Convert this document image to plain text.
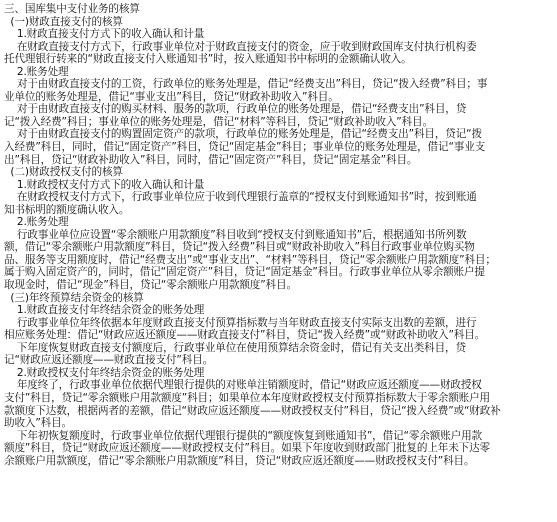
三、国库集中支付业务的核算
(一)财政直接支付的核算
1.财政直接支付方式下的收入确认和计量
在财政直接支付方式下，行政事业单位对于财政直接支付的资金，应于收到财政国库支付执行机构委
托代理银行转来的“财政直接支付入账通知书”时，按入账通知书中标明的金额确认收入。
2.账务处理
对于由财政直接支付的工资，行政单位的账务处理是，借记“经费支出”科目，贷记“拨入经费”科目；事
业单位的账务处理是，借记“事业支出”科目，贷记“财政补助收入”科目。
对于由财政直接支付的购买材料、服务的款项，行政单位的账务处理是，借记“经费支出”科目，贷
记“拨入经费”科目；事业单位的账务处理是，借记“材料”等科目，贷记“财政补助收入”科目。
对于由财政直接支付的购置固定资产的款项，行政单位的账务处理是，借记“经费支出”科目，贷记“拨
入经费”科目，同时，借记“固定资产”科目，贷记“固定基金”科目；事业单位的账务处理是，借记“事业支
出”科目，贷记“财政补助收入”科目，同时，借记“固定资产”科目，贷记“固定基金”科目。
(二)财政授权支付的核算
1.财政授权支付方式下的收入确认和计量
在财政授权支付方式下，行政事业单位应于收到代理银行盖章的“授权支付到账通知书”时，按到账通
知书标明的额度确认收入。
2.账务处理
行政事业单位应设置“零余额账户用款额度”科目收到“授权支付到账通知书”后，根据通知书所列数
额，借记“零余额账户用款额度”科目，贷记“拨入经费”科目或“财政补助收入”科目行政事业单位购买物
品、服务等支用额度时，借记“经费支出”或“事业支出”、“材料”等科目，贷记“零余额账户用款额度”科目；
属于购入固定资产的，同时，借记“固定资产”科目，贷记“固定基金”科目。行政事业单位从零余额账户提
取现金时，借记“现金”科目，贷记“零余额账户用款额度”科目。
(三)年终预算结余资金的核算
1.财政直接支付年终结余资金的账务处理
行政事业单位年终依据本年度财政直接支付预算指标数与当年财政直接支付实际支出数的差额，进行
相应账务处理：借记“财政应返还额度——财政直接支付”科目，贷记“拨入经费”或“财政补助收入”科目。
下年度恢复财政直接支付额度后，行政事业单位在使用预算结余资金时，借记有关支出类科目，贷
记“财政应返还额度——财政直接支付”科目。
2.财政授权支付年终结余资金的账务处理
年度终了，行政事业单位依据代理银行提供的对账单注销额度时，借记“财政应返还额度——财政授权
支付”科目，贷记“零余额账户用款额度”科目；如果单位本年度财政授权支付预算指标数大于零余额账户用
款额度下达数，根据两者的差额，借记“财政应返还额度——财政授权支付”科目，贷记“拨入经费”或“财政补
助收入”科目。
下年初恢复额度时，行政事业单位依据代理银行提供的“额度恢复到账通知书”，借记“零余额账户用款
额度”科目，贷记“财政应返还额度——财政授权支付”科目。如果下年度收到财政部门批复的上年未下达零
余额账户用款额度，借记“零余额账户用款额度”科目，贷记“财政应返还额度——财政授权支付”科目。
